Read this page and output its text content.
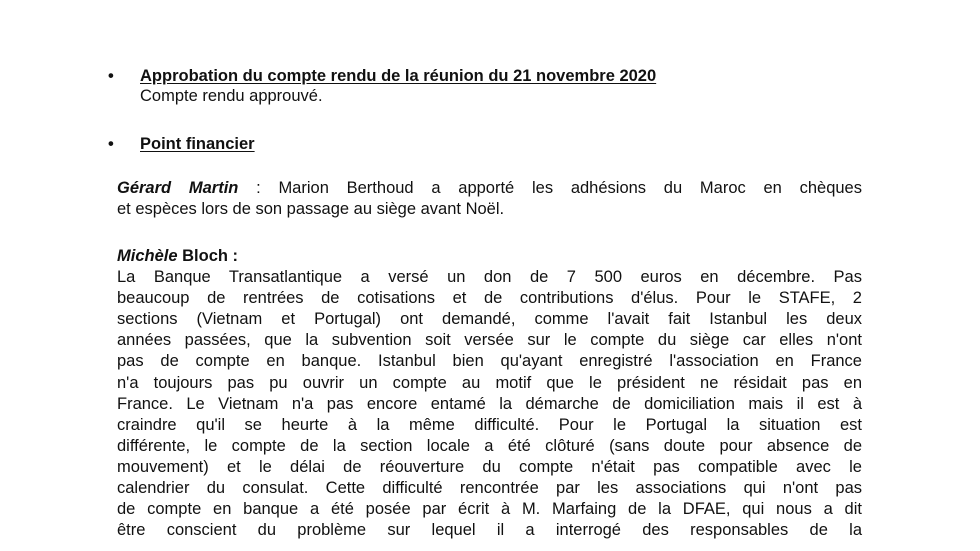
• Approbation du compte rendu de la réunion du 21 novembre 2020
Compte rendu approuvé.
• Point financier
Gérard Martin : Marion Berthoud a apporté les adhésions du Maroc en chèques
et espèces lors de son passage au siège avant Noël.
Michèle Bloch :
La Banque Transatlantique a versé un don de 7 500 euros en décembre. Pas
beaucoup de rentrées de cotisations et de contributions d'élus. Pour le STAFE, 2
sections (Vietnam et Portugal) ont demandé, comme l'avait fait Istanbul les deux
années passées, que la subvention soit versée sur le compte du siège car elles n'ont
pas de compte en banque. Istanbul bien qu'ayant enregistré l'association en France
n'a toujours pas pu ouvrir un compte au motif que le président ne résidait pas en
France. Le Vietnam n'a pas encore entamé la démarche de domiciliation mais il est à
craindre qu'il se heurte à la même difficulté. Pour le Portugal la situation est
différente, le compte de la section locale a été clôturé (sans doute pour absence de
mouvement) et le délai de réouverture du compte n'était pas compatible avec le
calendrier du consulat. Cette difficulté rencontrée par les associations qui n'ont pas
de compte en banque a été posée par écrit à M. Marfaing de la DFAE, qui nous a dit
être conscient du problème sur lequel il a interrogé des responsables de la
